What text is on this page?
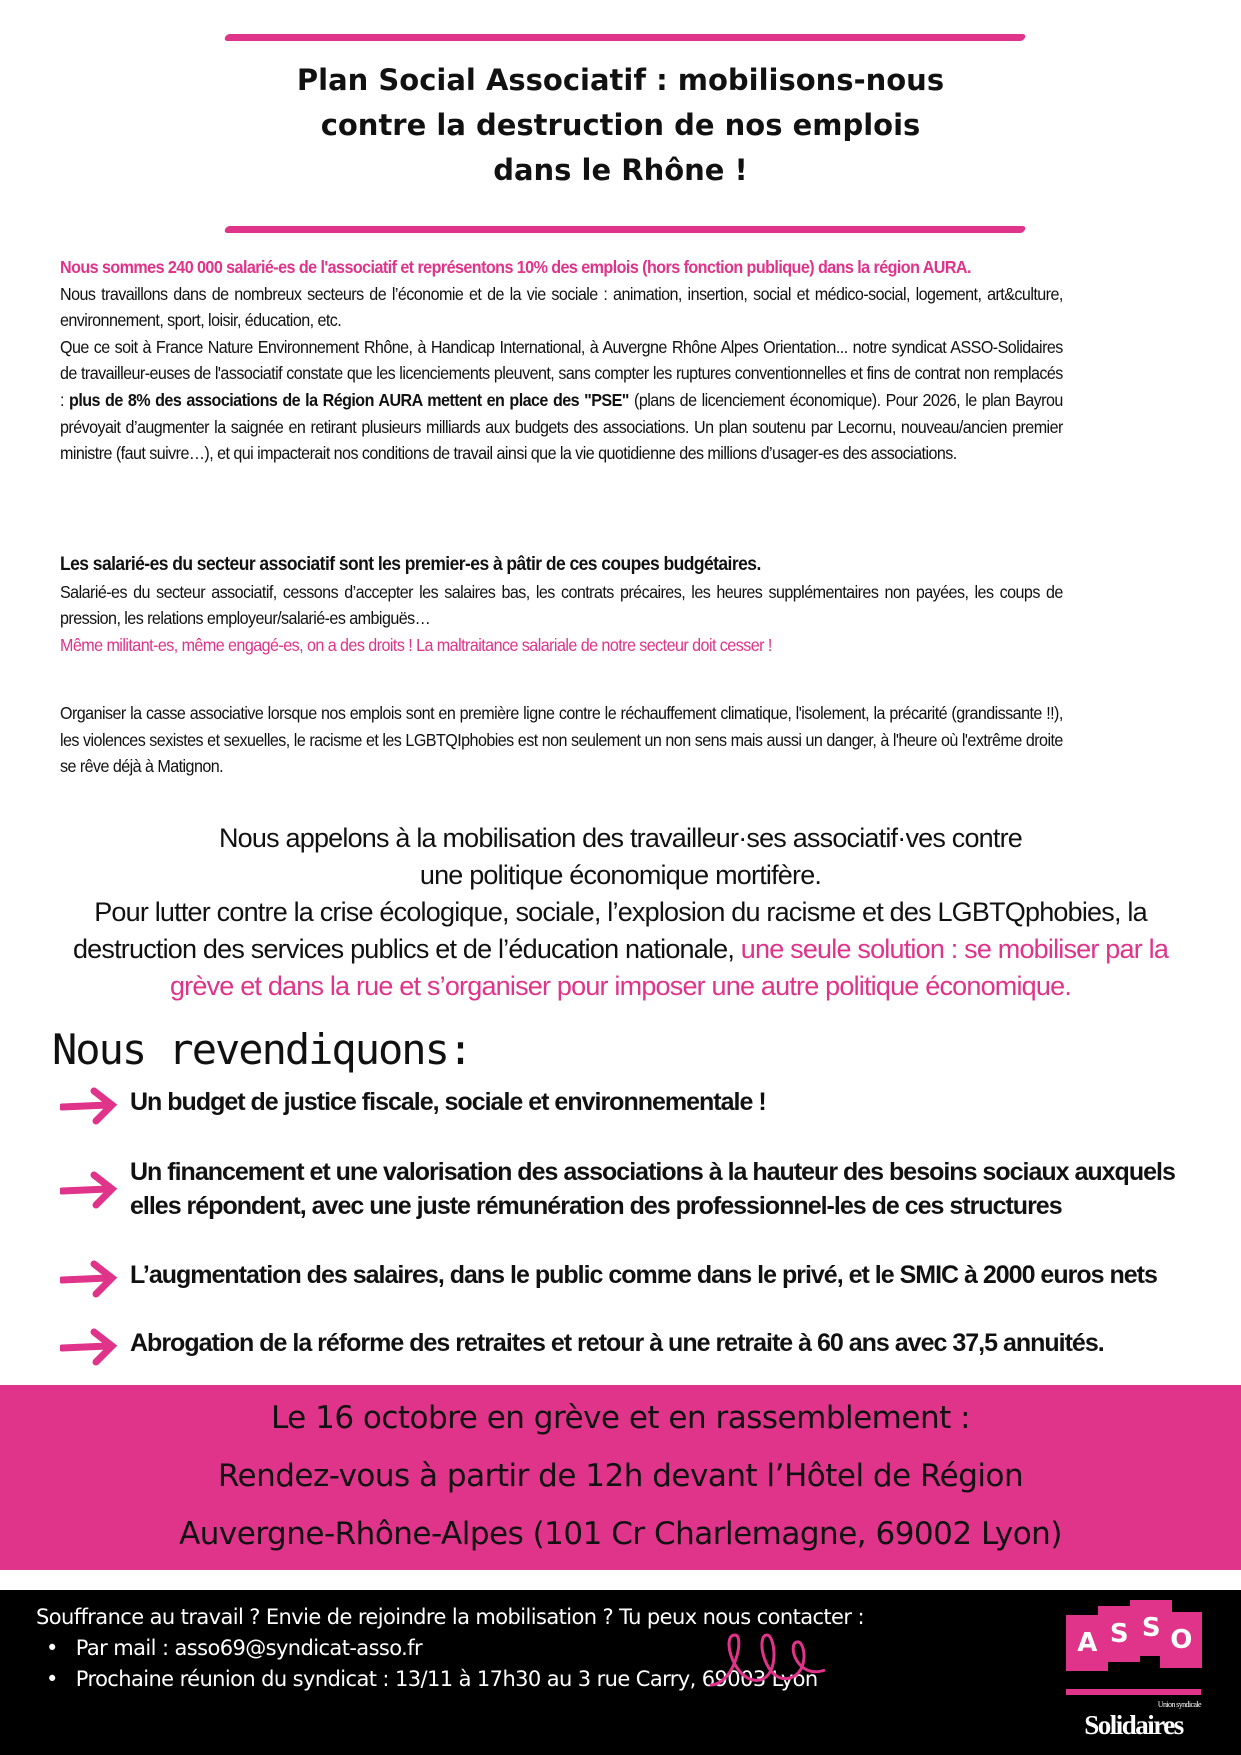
Plan Social Associatif : mobilisons-nous
contre la destruction de nos emplois
dans le Rhône !
Nous sommes 240 000 salarié-es de l'associatif et représentons 10% des emplois (hors fonction publique) dans la région AURA.
Nous travaillons dans de nombreux secteurs de l’économie et de la vie sociale : animation, insertion, social et médico-social, logement, art&culture, environnement, sport, loisir, éducation, etc.
Que ce soit à France Nature Environnement Rhône, à Handicap International, à Auvergne Rhône Alpes Orientation... notre syndicat ASSO-Solidaires de travailleur-euses de l'associatif constate que les licenciements pleuvent, sans compter les ruptures conventionnelles et fins de contrat non remplacés : plus de 8% des associations de la Région AURA mettent en place des "PSE" (plans de licenciement économique). Pour 2026, le plan Bayrou prévoyait d’augmenter la saignée en retirant plusieurs milliards aux budgets des associations. Un plan soutenu par Lecornu, nouveau/ancien premier ministre (faut suivre…), et qui impacterait nos conditions de travail ainsi que la vie quotidienne des millions d’usager-es des associations.
Les salarié-es du secteur associatif sont les premier-es à pâtir de ces coupes budgétaires.
Salarié-es du secteur associatif, cessons d’accepter les salaires bas, les contrats précaires, les heures supplémentaires non payées, les coups de pression, les relations employeur/salarié-es ambiguës…
Même militant-es, même engagé-es, on a des droits ! La maltraitance salariale de notre secteur doit cesser !
Organiser la casse associative lorsque nos emplois sont en première ligne contre le réchauffement climatique, l'isolement, la précarité (grandissante !!), les violences sexistes et sexuelles, le racisme et les LGBTQIphobies est non seulement un non sens mais aussi un danger, à l'heure où l'extrême droite se rêve déjà à Matignon.
Nous appelons à la mobilisation des travailleur·ses associatif·ves contre une politique économique mortifère.
Pour lutter contre la crise écologique, sociale, l’explosion du racisme et des LGBTQphobies, la destruction des services publics et de l’éducation nationale, une seule solution : se mobiliser par la grève et dans la rue et s’organiser pour imposer une autre politique économique.
Nous revendiquons:
Un budget de justice fiscale, sociale et environnementale !
Un financement et une valorisation des associations à la hauteur des besoins sociaux auxquels elles répondent, avec une juste rémunération des professionnel-les de ces structures
L’augmentation des salaires, dans le public comme dans le privé, et le SMIC à 2000 euros nets
Abrogation de la réforme des retraites et retour à une retraite à 60 ans avec 37,5 annuités.
Le 16 octobre en grève et en rassemblement :
Rendez-vous à partir de 12h devant l’Hôtel de Région
Auvergne-Rhône-Alpes (101 Cr Charlemagne, 69002 Lyon)
Souffrance au travail ? Envie de rejoindre la mobilisation ? Tu peux nous contacter :
• Par mail : asso69@syndicat-asso.fr
• Prochaine réunion du syndicat : 13/11 à 17h30 au 3 rue Carry, 69003 Lyon
A S S O
Union syndicale
Solidaires
